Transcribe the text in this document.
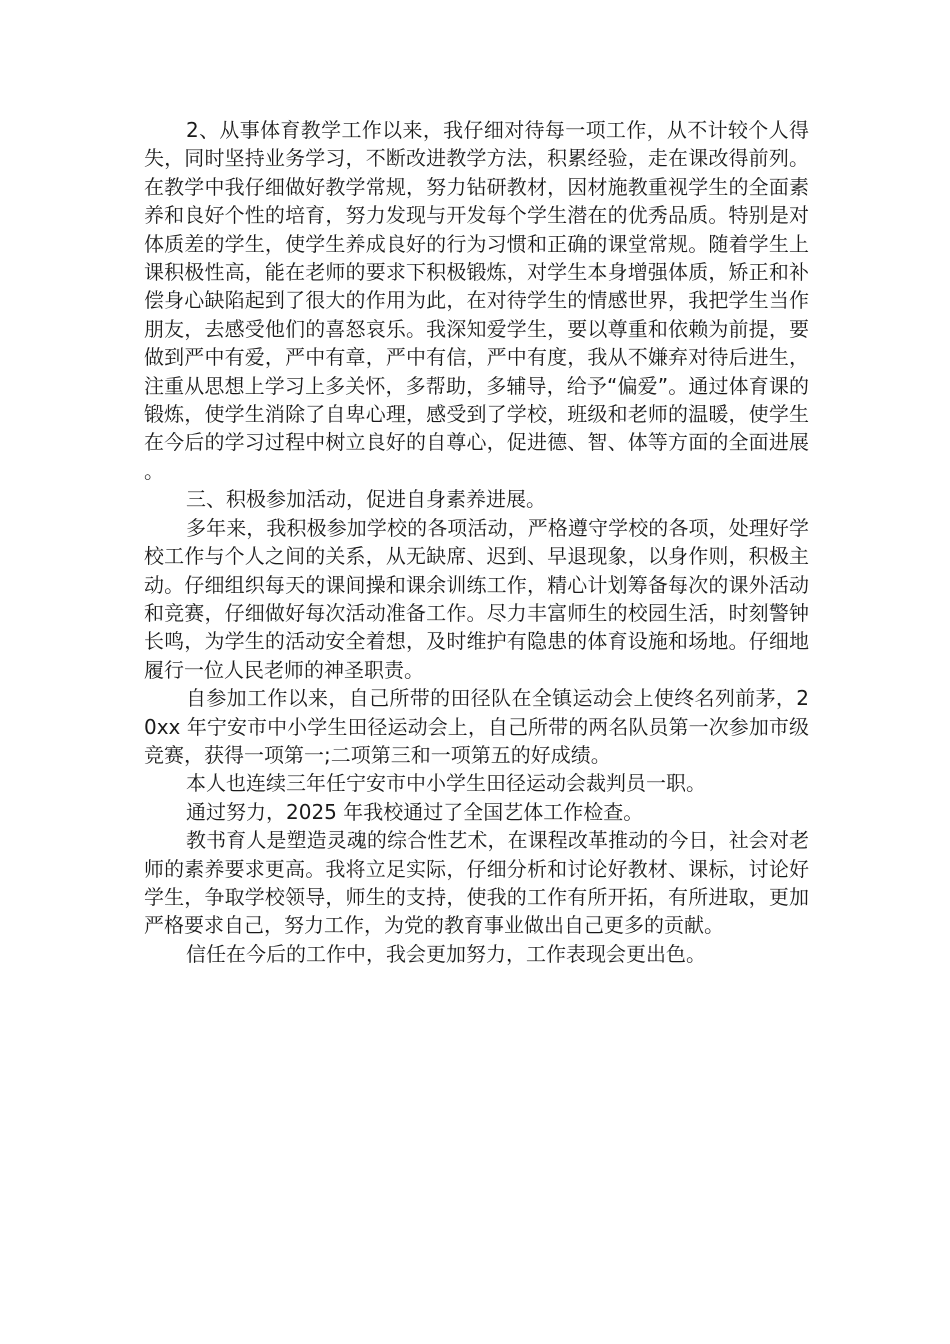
2、从事体育教学工作以来，我仔细对待每一项工作，从不计较个人得失，同时坚持业务学习，不断改进教学方法，积累经验，走在课改得前列。在教学中我仔细做好教学常规，努力钻研教材，因材施教重视学生的全面素养和良好个性的培育，努力发现与开发每个学生潜在的优秀品质。特别是对体质差的学生，使学生养成良好的行为习惯和正确的课堂常规。随着学生上课积极性高，能在老师的要求下积极锻炼，对学生本身增强体质，矫正和补偿身心缺陷起到了很大的作用为此，在对待学生的情感世界，我把学生当作朋友，去感受他们的喜怒哀乐。我深知爱学生，要以尊重和依赖为前提，要做到严中有爱，严中有章，严中有信，严中有度，我从不嫌弃对待后进生，注重从思想上学习上多关怀，多帮助，多辅导，给予“偏爱”。通过体育课的锻炼，使学生消除了自卑心理，感受到了学校，班级和老师的温暖，使学生在今后的学习过程中树立良好的自尊心，促进德、智、体等方面的全面进展。

三、积极参加活动，促进自身素养进展。

多年来，我积极参加学校的各项活动，严格遵守学校的各项，处理好学校工作与个人之间的关系，从无缺席、迟到、早退现象，以身作则，积极主动。仔细组织每天的课间操和课余训练工作，精心计划筹备每次的课外活动和竞赛，仔细做好每次活动准备工作。尽力丰富师生的校园生活，时刻警钟长鸣，为学生的活动安全着想，及时维护有隐患的体育设施和场地。仔细地履行一位人民老师的神圣职责。

自参加工作以来，自己所带的田径队在全镇运动会上使终名列前茅，20xx 年宁安市中小学生田径运动会上，自己所带的两名队员第一次参加市级竞赛，获得一项第一;二项第三和一项第五的好成绩。

本人也连续三年任宁安市中小学生田径运动会裁判员一职。

通过努力，2025 年我校通过了全国艺体工作检查。

教书育人是塑造灵魂的综合性艺术，在课程改革推动的今日，社会对老师的素养要求更高。我将立足实际，仔细分析和讨论好教材、课标，讨论好学生，争取学校领导，师生的支持，使我的工作有所开拓，有所进取，更加严格要求自己，努力工作，为党的教育事业做出自己更多的贡献。

信任在今后的工作中，我会更加努力，工作表现会更出色。
